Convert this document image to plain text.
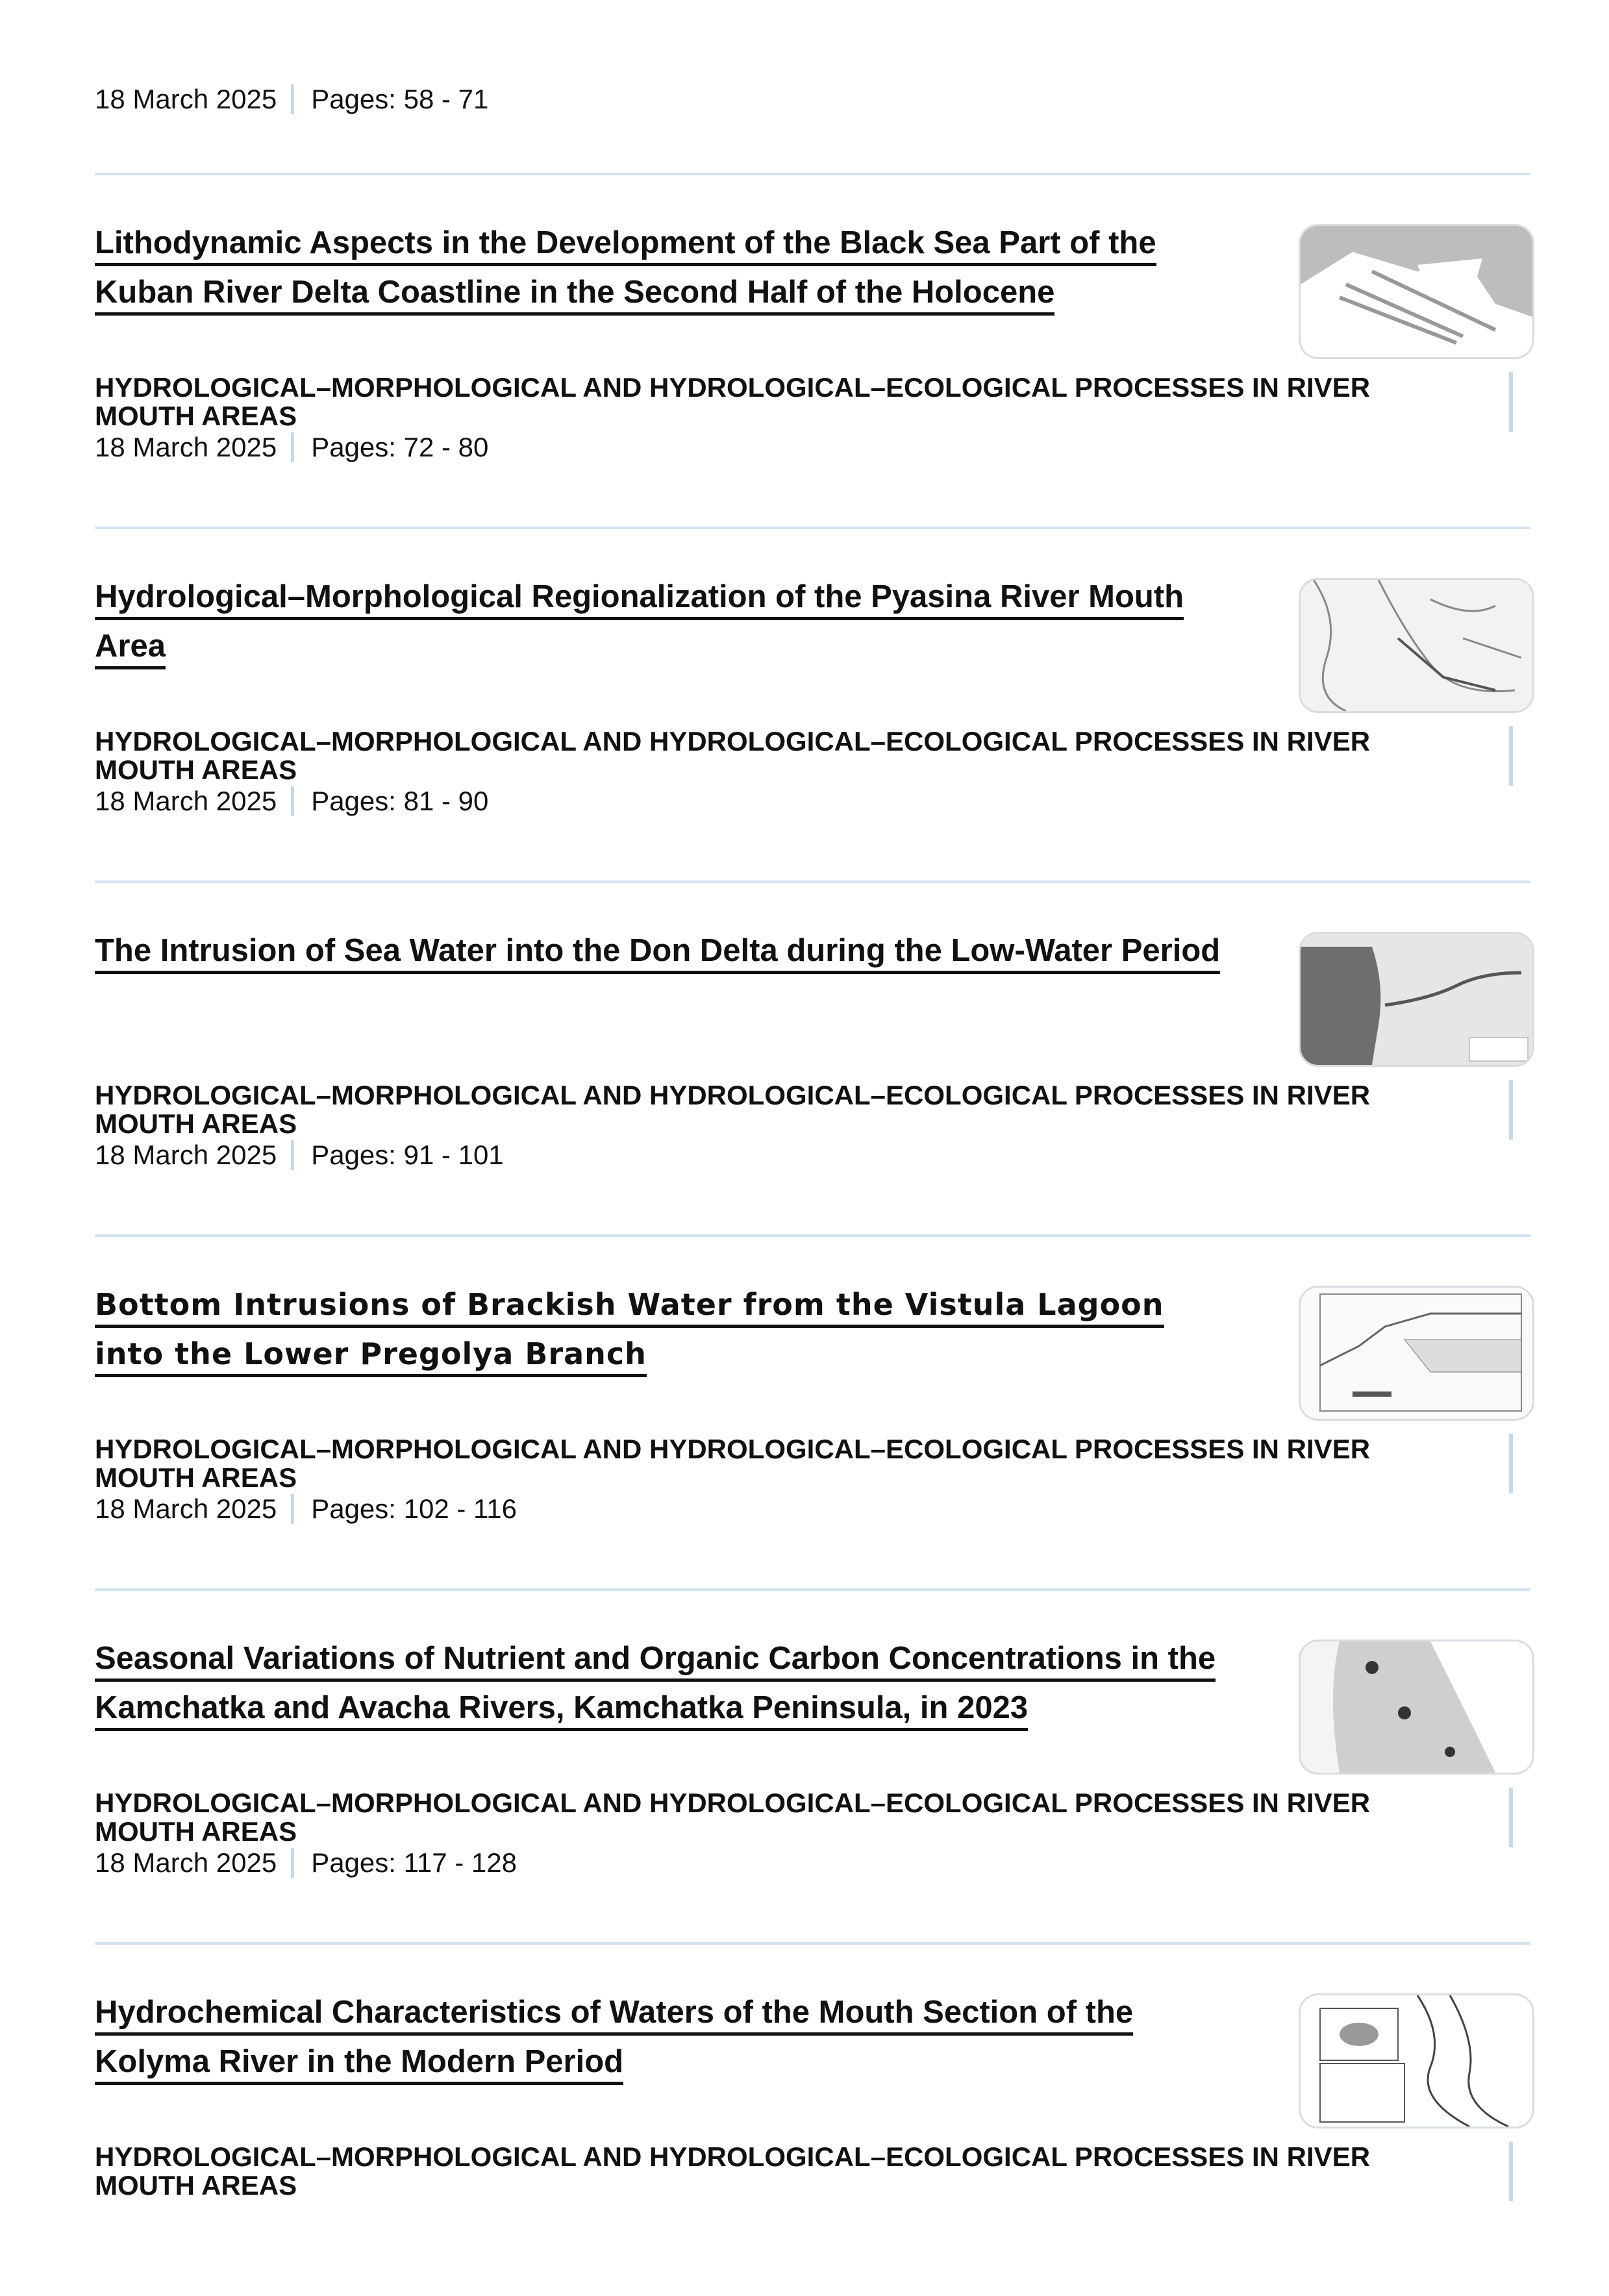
18 March 2025 Pages: 58 - 71
Lithodynamic Aspects in the Development of the Black Sea Part of the Kuban River Delta Coastline in the Second Half of the Holocene
HYDROLOGICAL–MORPHOLOGICAL AND HYDROLOGICAL–ECOLOGICAL PROCESSES IN RIVER MOUTH AREAS
18 March 2025 Pages: 72 - 80
Hydrological–Morphological Regionalization of the Pyasina River Mouth Area
HYDROLOGICAL–MORPHOLOGICAL AND HYDROLOGICAL–ECOLOGICAL PROCESSES IN RIVER MOUTH AREAS
18 March 2025 Pages: 81 - 90
The Intrusion of Sea Water into the Don Delta during the Low-Water Period
HYDROLOGICAL–MORPHOLOGICAL AND HYDROLOGICAL–ECOLOGICAL PROCESSES IN RIVER MOUTH AREAS
18 March 2025 Pages: 91 - 101
Bottom Intrusions of Brackish Water from the Vistula Lagoon into the Lower Pregolya Branch
HYDROLOGICAL–MORPHOLOGICAL AND HYDROLOGICAL–ECOLOGICAL PROCESSES IN RIVER MOUTH AREAS
18 March 2025 Pages: 102 - 116
Seasonal Variations of Nutrient and Organic Carbon Concentrations in the Kamchatka and Avacha Rivers, Kamchatka Peninsula, in 2023
HYDROLOGICAL–MORPHOLOGICAL AND HYDROLOGICAL–ECOLOGICAL PROCESSES IN RIVER MOUTH AREAS
18 March 2025 Pages: 117 - 128
Hydrochemical Characteristics of Waters of the Mouth Section of the Kolyma River in the Modern Period
HYDROLOGICAL–MORPHOLOGICAL AND HYDROLOGICAL–ECOLOGICAL PROCESSES IN RIVER MOUTH AREAS
